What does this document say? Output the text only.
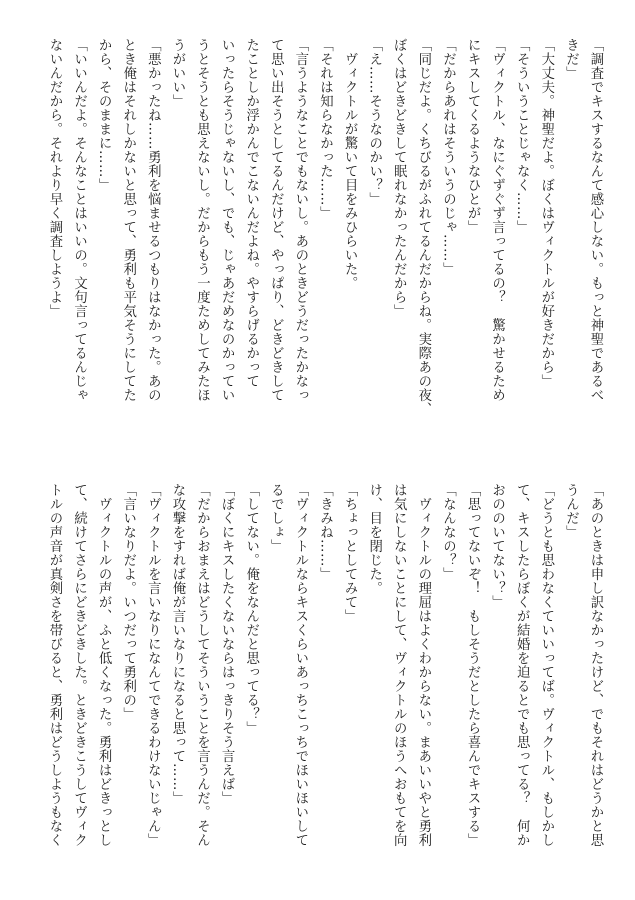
「調査でキスするなんて感心しない。もっと神聖であるべ
きだ」
「大丈夫。神聖だよ。ぼくはヴィクトルが好きだから」
「そういうことじゃなく……」
「ヴィクトル、なにぐずぐず言ってるの？　驚かせるため
にキスしてくるようなひとが」
「だからあれはそういうのじゃ……」
「同じだよ。くちびるがふれてるんだからね。実際あの夜、
ぼくはどきどきして眠れなかったんだから」
「え……そうなのかい？」
　ヴィクトルが驚いて目をみひらいた。
「それは知らなかった……」
「言うようなことでもないし。あのときどうだったかなっ
て思い出そうとしてるんだけど、やっぱり、どきどきして
たことしか浮かんでこないんだよね。やすらげるかって
いったらそうじゃないし、でも、じゃあだめなのかってい
うとそうとも思えないし。だからもう一度ためしてみたほ
うがいい」
「悪かったね……勇利を悩ませるつもりはなかった。あの
とき俺はそれしかないと思って、勇利も平気そうにしてた
から、そのままに……」
「いいんだよ。そんなことはいいの。文句言ってるんじゃ
ないんだから。それより早く調査しようよ」
「あのときは申し訳なかったけど、でもそれはどうかと思
うんだ」
「どうとも思わなくていいってば。ヴィクトル、もしかし
て、キスしたらぼくが結婚を迫るとでも思ってる？　何か
おののいてない？」
「思ってないぞ！　もしそうだとしたら喜んでキスする」
「なんなの？」
　ヴィクトルの理屈はよくわからない。まあいいやと勇利
は気にしないことにして、ヴィクトルのほうへおもてを向
け、目を閉じた。
「ちょっとしてみて」
「きみね……」
「ヴィクトルならキスくらいあっちこっちでほいほいして
るでしょ」
「してない。俺をなんだと思ってる？」
「ぼくにキスしたくないならはっきりそう言えば」
「だからおまえはどうしてそういうことを言うんだ。そん
な攻撃をすれば俺が言いなりになると思って……」
「ヴィクトルを言いなりになんてできるわけないじゃん」
「言いなりだよ。いつだって勇利の」
　ヴィクトルの声が、ふと低くなった。勇利はどきっとし
て、続けてさらにどきどきした。ときどきこうしてヴィク
トルの声音が真剣さを帯びると、勇利はどうしようもなく
